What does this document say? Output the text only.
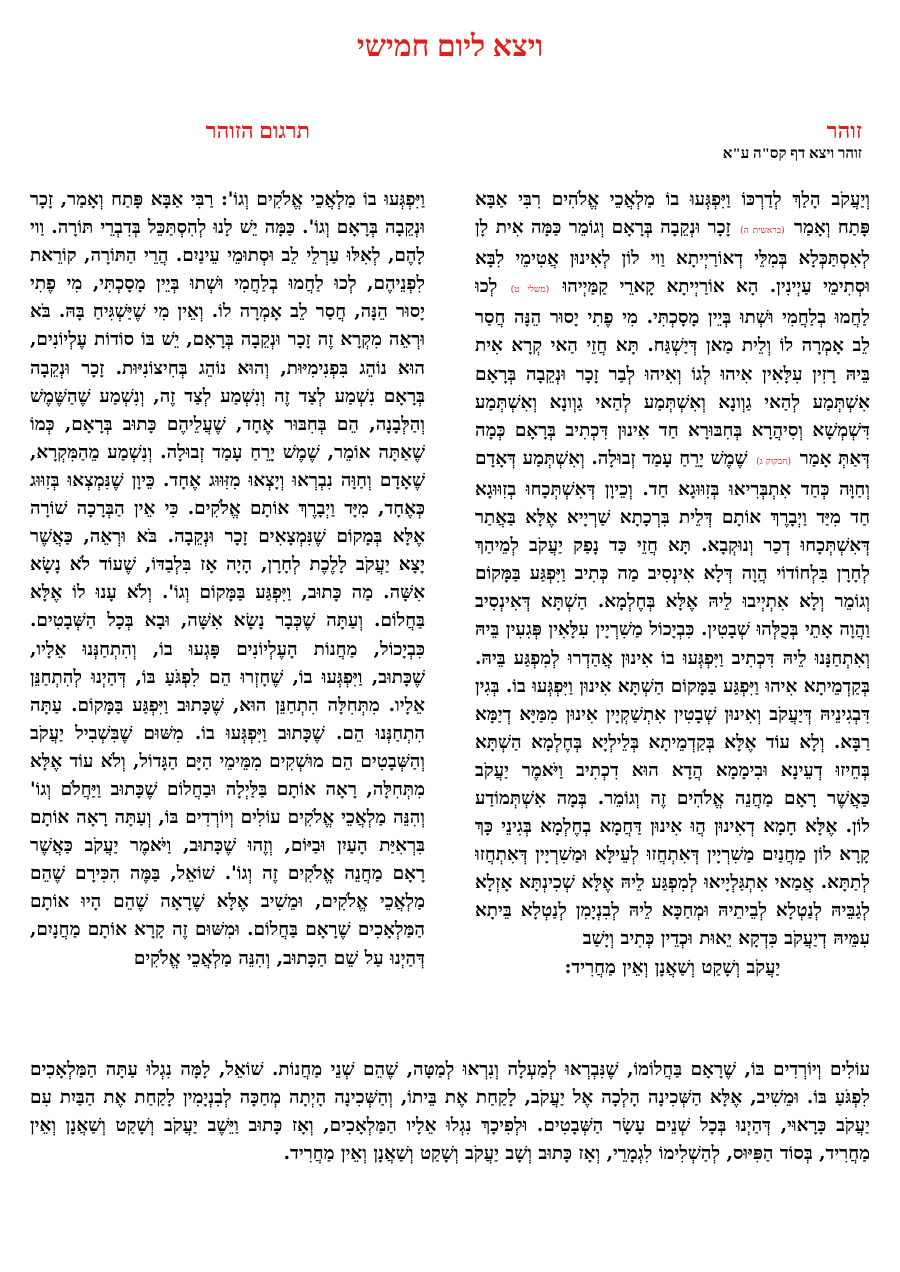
ויצא ליום חמישי
זוהר
תרגום הזוהר
זוהר ויצא דף קס"ה ע"א

וְיַעֲקֹב הָלַךְ לְדַרְכּוֹ וַיִּפְגְּעוּ בוֹ מַלְאֲכֵי אֱלֹהִים רִבִּי אַבָּא פָּתַח וְאָמַר (בראשית ה) זָכָר וּנְקֵבָה בְּרָאָם וְגוֹמֵר כַּמָּה אִית לָן לְאִסְתַּכְּלָא בְּמִלֵּי דְאוֹרַיְיתָא וַוי לוֹן לְאִינוּן אֲטִימֵי לִבָּא וּסְתִימֵי עַיְינִין. הָא אוֹרַיְיתָא קָארֵי קַמַּיְיהוּ (משלי ט) לְכוּ לַחֲמוּ בְלַחֲמִי וּשְׁתוּ בְּיֵין מָסָכְתִּי. מִי פֶתִי יָסוּר הֵנָּה חֲסַר לֵב אָמְרָה לוֹ וְלֵית מַאן דְּיַשְׁגַּח. תָּא חֲזֵי הַאי קְרָא אִית בֵּיהּ רָזִין עִלָּאִין אִיהוּ לְגוֹ וְאִיהוּ לְבַר זָכָר וּנְקֵבָה בְּרָאָם אִשְׁתְּמַע לְהַאי גַוְונָא וְאִשְׁתְּמַע לְהַאי גַוְונָא וְאִשְׁתְּמַע דִּשְׁמְשָׁא וְסִיהֲרָא בְּחִבּוּרָא חַד אִינוּן דִּכְתִיב בְּרָאָם כְּמָה דְּאַתְּ אָמַר (חבקוק ג) שֶׁמֶשׁ יָרֵחַ עָמַד זְבוּלָה. וְאִשְׁתְּמַע דְּאָדָם וְחַוָּה כְּחַד אִתְבְּרִיאוּ בְּזִוּוּגָא חַד. וְכֵיוָן דְּאִשְׁתְּכָחוּ בְזִוּוּגָא חַד מִיַּד וַיְבָרֶךְ אוֹתָם דְּלֵית בִּרְכָתָא שַׁרְיָיא אֶלָּא בַּאֲתַר דְּאִשְׁתְּכָחוּ דְכַר וְנוּקְבָא. תָּא חֲזֵי כַּד נָפַק יַעֲקֹב לְמֵיהַךְ לְחָרָן בִּלְחוֹדוֹי הֲוָה דְּלָא אִינְסִיב מַה כְּתִיב וַיִּפְגַּע בַּמָּקוֹם וְגוֹמֵר וְלָא אִתְיְיבוּ לֵיהּ אֶלָּא בְּחֶלְמָא. הַשְׁתָּא דְּאִינְסִיב וַהֲוָה אָתֵי בְּכֻלְּהוּ שְׁבָטִין. כִּבְיָכוֹל מַשִׁרְיָין עִלָּאִין פְּגִעִין בֵּיהּ וְאִתְחַנָּנוּ לֵיהּ דִּכְתִיב וַיִּפְגְּעוּ בוֹ אִינוּן אֲהַדְרוּ לְמִפְגַּע בֵּיהּ. בְּקַדְמֵיתָא אִיהוּ וַיִּפְגַּע בַּמָּקוֹם הַשְׁתָּא אִינוּן וַיִּפְגְּעוּ בוֹ. בְּגִין דִּבְגִינֵיהּ דְּיַעֲקֹב וְאִינוּן שְׁבָטִין אִתְשַׁקְיָין אִינוּן מִמַּיָּא דְיַמָּא רַבָּא. וְלָא עוֹד אֶלָּא בְּקַדְמֵיתָא בְּלֵילְיָא בְּחֶלְמָא הַשְׁתָּא בְּחֵיזוּ דְעֵינָא וּבִימָמָא הֲדָא הוּא דִכְתִיב וַיֹּאמֶר יַעֲקֹב כַּאֲשֶׁר רָאָם מַחֲנֵה אֱלֹהִים זֶה וְגוֹמֵר. בְּמָה אִשְׁתְּמוֹדַע לוֹן. אֶלָּא חָמָא דְאִינוּן הֲוּ אִינוּן דַּחֲמָא בְחֶלְמָא בְּגִינֵי כָּךְ קָרָא לוֹן מַחֲנַיִם מַשִׁרְיָין דְּאִתְחֲזוּ לְעֵילָּא וּמַשִׁרְיָין דְּאִתְחֲזוּ לְתַתָּא. אֲמַאי אִתְגַּלְיָיאוּ לְמִפְגַּע לֵיהּ אֶלָּא שְׁכִינְתָּא אָזְלָא לְגַבֵּיהּ לְנַטְלָא לְבֵיתֵיהּ וּמְחַכָּא לֵיהּ לְבִנְיָמִן לְנַטְלָא בֵּיתָא עִמֵּיהּ דְיַעֲקֹב כִּדְקָא יֵאוּת וּכְדֵין כְּתִיב וְיָשַׁב
יַעֲקֹב וְשָׁקַט וְשַׁאֲנָן וְאֵין מַחֲרִיד:

וַיִּפְגְּעוּ בוֹ מַלְאֲכֵי אֱלֹקִים וְגוֹ': רַבִּי אַבָּא פָּתַח וְאָמַר, זָכָר וּנְקֵבָה בְּרָאָם וְגוֹ'. כַּמָּה יֵשׁ לָנוּ לְהִסְתַּכֵּל בְּדִבְרֵי תּוֹרָה. וַוי לָהֶם, לְאִלּוּ עַרְלֵי לֵב וּסְתוּמֵי עֵינַיִם. הֲרֵי הַתּוֹרָה, קוֹרֵאת לִפְנֵיהֶם, לְכוּ לַחֲמוּ בְלַחֲמִי וּשְׁתוּ בְּיֵין מָסָכְתִּי, מִי פֶתִי יָסוּר הֵנָּה, חֲסַר לֵב אָמְרָה לוֹ. וְאֵין מִי שֶׁיַּשְׁגִּיחַ בָּהּ. בֹּא וּרְאֵה מִקְרָא זֶה זָכָר וּנְקֵבָה בְּרָאָם, יֵשׁ בּוֹ סוֹדוֹת עֶלְיוֹנִים, הוּא נוֹהֵג בִּפְנִימִיּוּת, וְהוּא נוֹהֵג בְּחִיצוֹנִיּוּת. זָכָר וּנְקֵבָה בְּרָאָם נִשְׁמַע לְצַד זֶה וְנִשְׁמַע לְצַד זֶה, וְנִשְׁמַע שֶׁהַשֶּׁמֶשׁ וְהַלְּבָנָה, הֵם בְּחִבּוּר אֶחָד, שֶׁעֲלֵיהֶם כָּתוּב בְּרָאָם, כְּמוֹ שֶׁאַתָּה אוֹמֵר, שֶׁמֶשׁ יָרֵחַ עָמַד זְבוּלָה. וְנִשְׁמַע מֵהַמִּקְרָא, שֶׁאָדָם וְחַוָּה נִבְרְאוּ וְיָצְאוּ מִזִּוּוּג אֶחָד. כֵּיוָן שֶׁנִּמְצְאוּ בְּזִוּוּג כְּאֶחָד, מִיָּד וַיְבָרֶךְ אוֹתָם אֱלֹקִים. כִּי אֵין הַבְּרָכָה שׁוֹרָה אֶלָּא בְּמָקוֹם שֶׁנִּמְצָאִים זָכָר וּנְקֵבָה. בֹּא וּרְאֵה, כַּאֲשֶׁר יָצָא יַעֲקֹב לָלֶכֶת לְחָרָן, הָיָה אָז בִּלְבַדּוֹ, שֶׁעוֹד לֹא נָשָׂא אִשָּׁה. מַה כָּתוּב, וַיִּפְגַּע בַּמָּקוֹם וְגוֹ'. וְלֹא עָנוּ לוֹ אֶלָּא בַּחֲלוֹם. וְעַתָּה שֶׁכְּבָר נָשָׂא אִשָּׁה, וּבָא בְּכָל הַשְּׁבָטִים. כִּבְיָכוֹל, מַחֲנוֹת הָעֶלְיוֹנִים פָּגְעוּ בוֹ, וְהִתְחַנְּנוּ אֵלָיו, שֶׁכָּתוּב, וַיִּפְגְּעוּ בוֹ, שֶׁחָזְרוּ הֵם לִפְגֹּעַ בּוֹ, דְּהַיְנוּ לְהִתְחַנֵּן אֵלָיו. מִתְּחִלָּה הִתְחַנֵּן הוּא, שֶׁכָּתוּב וַיִּפְגַּע בַּמָּקוֹם. עַתָּה הִתְחַנְּנוּ הֵם. שֶׁכָּתוּב וַיִּפְגְּעוּ בוֹ. מִשּׁוּם שֶׁבִּשְׁבִיל יַעֲקֹב וְהַשְּׁבָטִים הֵם מוּשְׁקִים מִמֵּימֵי הַיָּם הַגָּדוֹל, וְלֹא עוֹד אֶלָּא מִתְּחִלָּה, רָאָה אוֹתָם בַּלַּיְלָה וּבַחֲלוֹם שֶׁכָּתוּב וַיַּחֲלֹם וְגוֹ' וְהִנֵּה מַלְאֲכֵי אֱלֹקִים עוֹלִים וְיוֹרְדִים בּוֹ, וְעַתָּה רָאָה אוֹתָם בִּרְאִיַּת הָעַיִן וּבַיּוֹם, וְזֶהוּ שֶׁכָּתוּב, וַיֹּאמֶר יַעֲקֹב כַּאֲשֶׁר רָאָם מַחֲנֵה אֱלֹקִים זֶה וְגוֹ'. שׁוֹאֵל, בַּמֶּה הִכִּירָם שֶׁהֵם מַלְאֲכֵי אֱלֹקִים, וּמֵשִׁיב אֶלָּא שֶׁרָאָה שֶׁהֵם הָיוּ אוֹתָם הַמַּלְאָכִים שֶׁרָאָם בַּחֲלוֹם. וּמִשּׁוּם זֶה קָרָא אוֹתָם מַחֲנָיִם, דְּהַיְנוּ עַל שֵׁם הַכָּתוּב, וְהִנֵּה מַלְאֲכֵי אֱלֹקִים

עוֹלִים וְיוֹרְדִים בּוֹ, שֶׁרָאָם בַּחֲלוֹמוֹ, שֶׁנִּבְרְאוּ לְמַעְלָה וְנִרְאוּ לְמַטָּה, שֶׁהֵם שְׁנֵי מַחֲנוֹת. שׁוֹאֵל, לָמָּה נִגְלוּ עַתָּה הַמַּלְאָכִים לִפְגֹּעַ בּוֹ. וּמֵשִׁיב, אֶלָּא הַשְּׁכִינָה הָלְכָה אֶל יַעֲקֹב, לָקַחַת אֶת בֵּיתוֹ, וְהַשְּׁכִינָה הָיְתָה מְחַכָּה לְבִנְיָמִין לָקַחַת אֶת הַבַּיִת עִם יַעֲקֹב כָּרָאוּי, דְּהַיְנוּ בְּכָל שְׁנֵים עָשָׂר הַשְּׁבָטִים. וּלְפִיכָךְ נִגְלוּ אֵלָיו הַמַּלְאָכִים, וְאָז כָּתוּב וַיֵּשֶׁב יַעֲקֹב וְשָׁקַט וְשַׁאֲנָן וְאֵין מַחֲרִיד, בְּסוֹד הַפִּיּוּס, לְהַשְׁלִימוֹ לִגְמָרֵי, וְאָז כָּתוּב וְשָׁב יַעֲקֹב וְשָׁקַט וְשַׁאֲנָן וְאֵין מַחֲרִיד.
